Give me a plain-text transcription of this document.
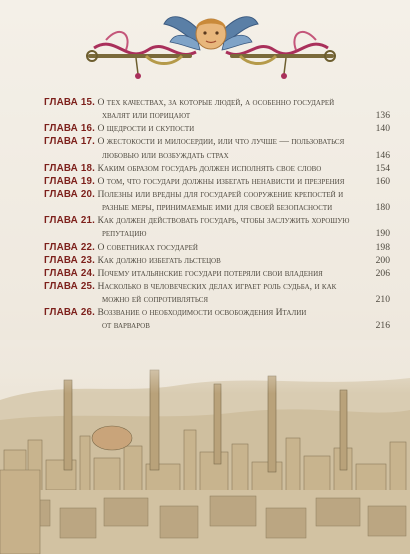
ГЛАВА 15. О тех качествах, за которые людей, а особенно государей
хвалят или порицают	136
ГЛАВА 16. О щедрости и скупости	140
ГЛАВА 17. О жестокости и милосердии, или что лучше — пользоваться
любовью или возбуждать страх	146
ГЛАВА 18. Каким образом государь должен исполнять свое слово	154
ГЛАВА 19. О том, что государи должны избегать ненависти и презрения	160
ГЛАВА 20. Полезны или вредны для государей сооружение крепостей и
разные меры, принимаемые ими для своей безопасности	180
ГЛАВА 21. Как должен действовать государь, чтобы заслужить хорошую
репутацию	190
ГЛАВА 22. О советниках государей	198
ГЛАВА 23. Как должно избегать льстецов	200
ГЛАВА 24. Почему итальянские государи потеряли свои владения	206
ГЛАВА 25. Насколько в человеческих делах играет роль судьба, и как
можно ей сопротивляться	210
ГЛАВА 26. Воззвание о необходимости освобождения Италии
от варваров	216
